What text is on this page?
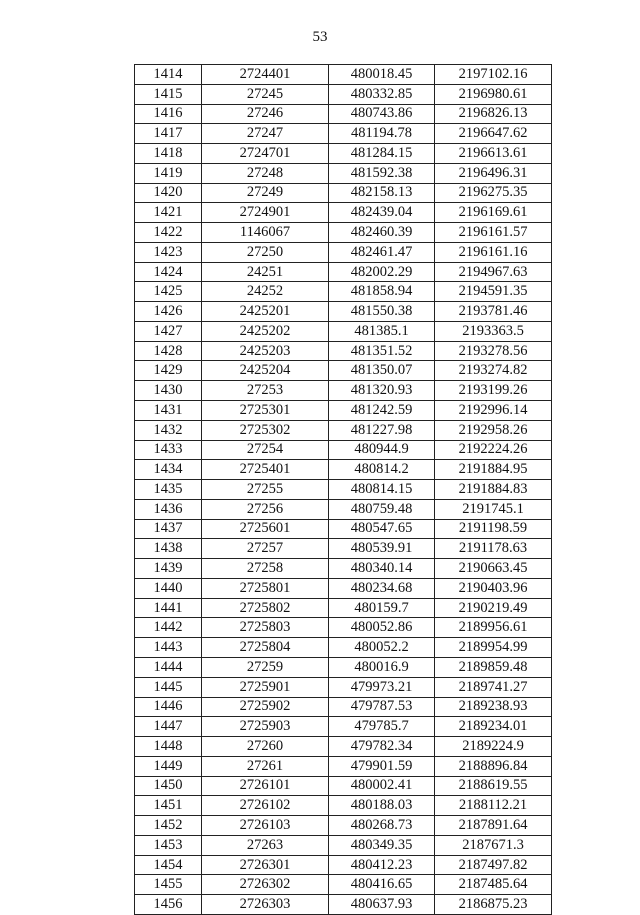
53
1414	2724401	480018.45	2197102.16
1415	27245	480332.85	2196980.61
1416	27246	480743.86	2196826.13
1417	27247	481194.78	2196647.62
1418	2724701	481284.15	2196613.61
1419	27248	481592.38	2196496.31
1420	27249	482158.13	2196275.35
1421	2724901	482439.04	2196169.61
1422	1146067	482460.39	2196161.57
1423	27250	482461.47	2196161.16
1424	24251	482002.29	2194967.63
1425	24252	481858.94	2194591.35
1426	2425201	481550.38	2193781.46
1427	2425202	481385.1	2193363.5
1428	2425203	481351.52	2193278.56
1429	2425204	481350.07	2193274.82
1430	27253	481320.93	2193199.26
1431	2725301	481242.59	2192996.14
1432	2725302	481227.98	2192958.26
1433	27254	480944.9	2192224.26
1434	2725401	480814.2	2191884.95
1435	27255	480814.15	2191884.83
1436	27256	480759.48	2191745.1
1437	2725601	480547.65	2191198.59
1438	27257	480539.91	2191178.63
1439	27258	480340.14	2190663.45
1440	2725801	480234.68	2190403.96
1441	2725802	480159.7	2190219.49
1442	2725803	480052.86	2189956.61
1443	2725804	480052.2	2189954.99
1444	27259	480016.9	2189859.48
1445	2725901	479973.21	2189741.27
1446	2725902	479787.53	2189238.93
1447	2725903	479785.7	2189234.01
1448	27260	479782.34	2189224.9
1449	27261	479901.59	2188896.84
1450	2726101	480002.41	2188619.55
1451	2726102	480188.03	2188112.21
1452	2726103	480268.73	2187891.64
1453	27263	480349.35	2187671.3
1454	2726301	480412.23	2187497.82
1455	2726302	480416.65	2187485.64
1456	2726303	480637.93	2186875.23
